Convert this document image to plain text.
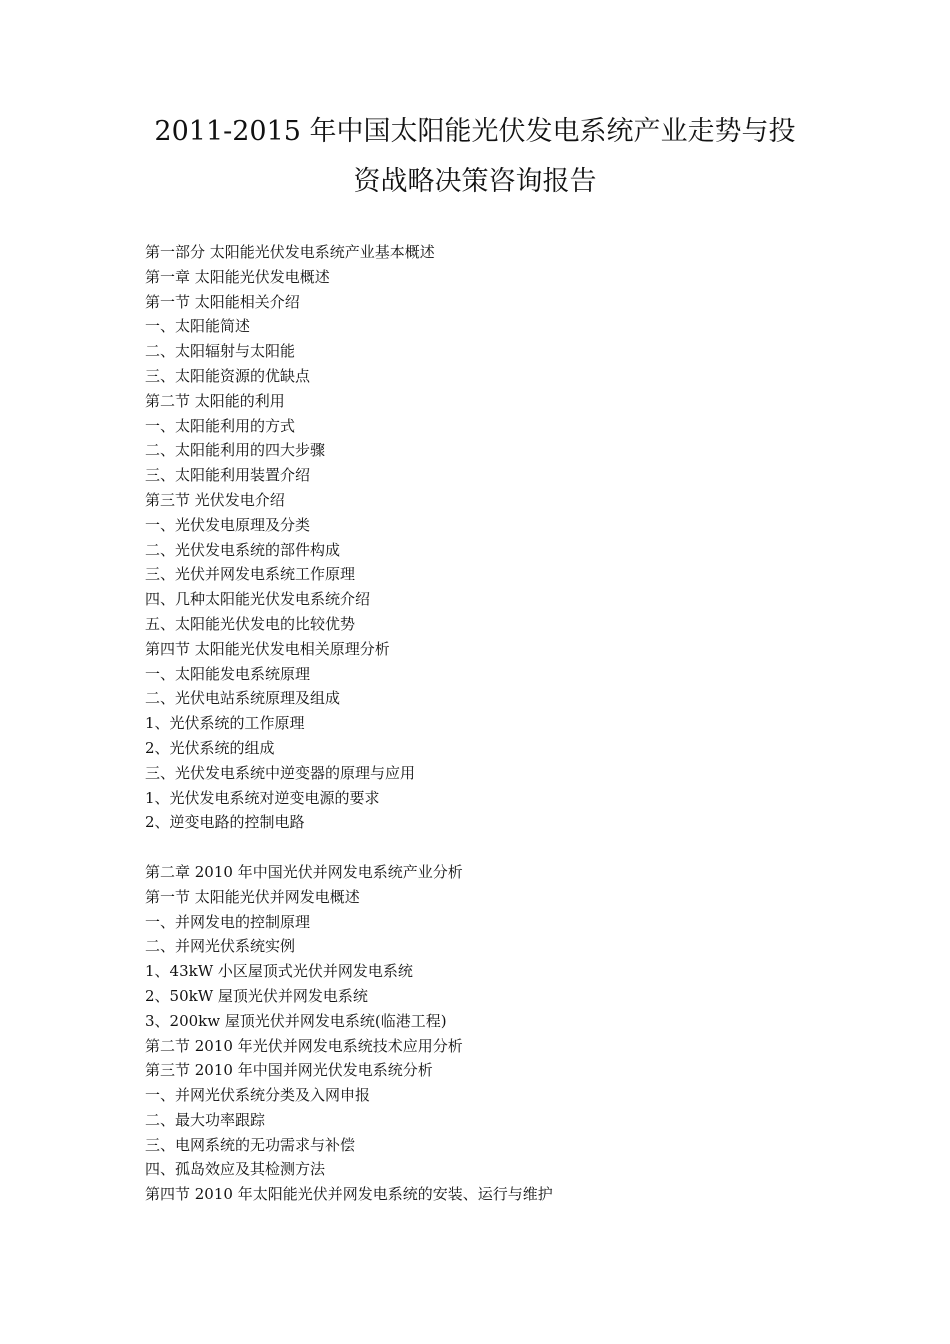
2011-2015 年中国太阳能光伏发电系统产业走势与投
资战略决策咨询报告
第一部分 太阳能光伏发电系统产业基本概述
第一章 太阳能光伏发电概述
第一节 太阳能相关介绍
一、太阳能简述
二、太阳辐射与太阳能
三、太阳能资源的优缺点
第二节 太阳能的利用
一、太阳能利用的方式
二、太阳能利用的四大步骤
三、太阳能利用装置介绍
第三节 光伏发电介绍
一、光伏发电原理及分类
二、光伏发电系统的部件构成
三、光伏并网发电系统工作原理
四、几种太阳能光伏发电系统介绍
五、太阳能光伏发电的比较优势
第四节 太阳能光伏发电相关原理分析
一、太阳能发电系统原理
二、光伏电站系统原理及组成
1、光伏系统的工作原理
2、光伏系统的组成
三、光伏发电系统中逆变器的原理与应用
1、光伏发电系统对逆变电源的要求
2、逆变电路的控制电路
第二章 2010 年中国光伏并网发电系统产业分析
第一节 太阳能光伏并网发电概述
一、并网发电的控制原理
二、并网光伏系统实例
1、43kW 小区屋顶式光伏并网发电系统
2、50kW 屋顶光伏并网发电系统
3、200kw 屋顶光伏并网发电系统(临港工程)
第二节 2010 年光伏并网发电系统技术应用分析
第三节 2010 年中国并网光伏发电系统分析
一、并网光伏系统分类及入网申报
二、最大功率跟踪
三、电网系统的无功需求与补偿
四、孤岛效应及其检测方法
第四节 2010 年太阳能光伏并网发电系统的安装、运行与维护
